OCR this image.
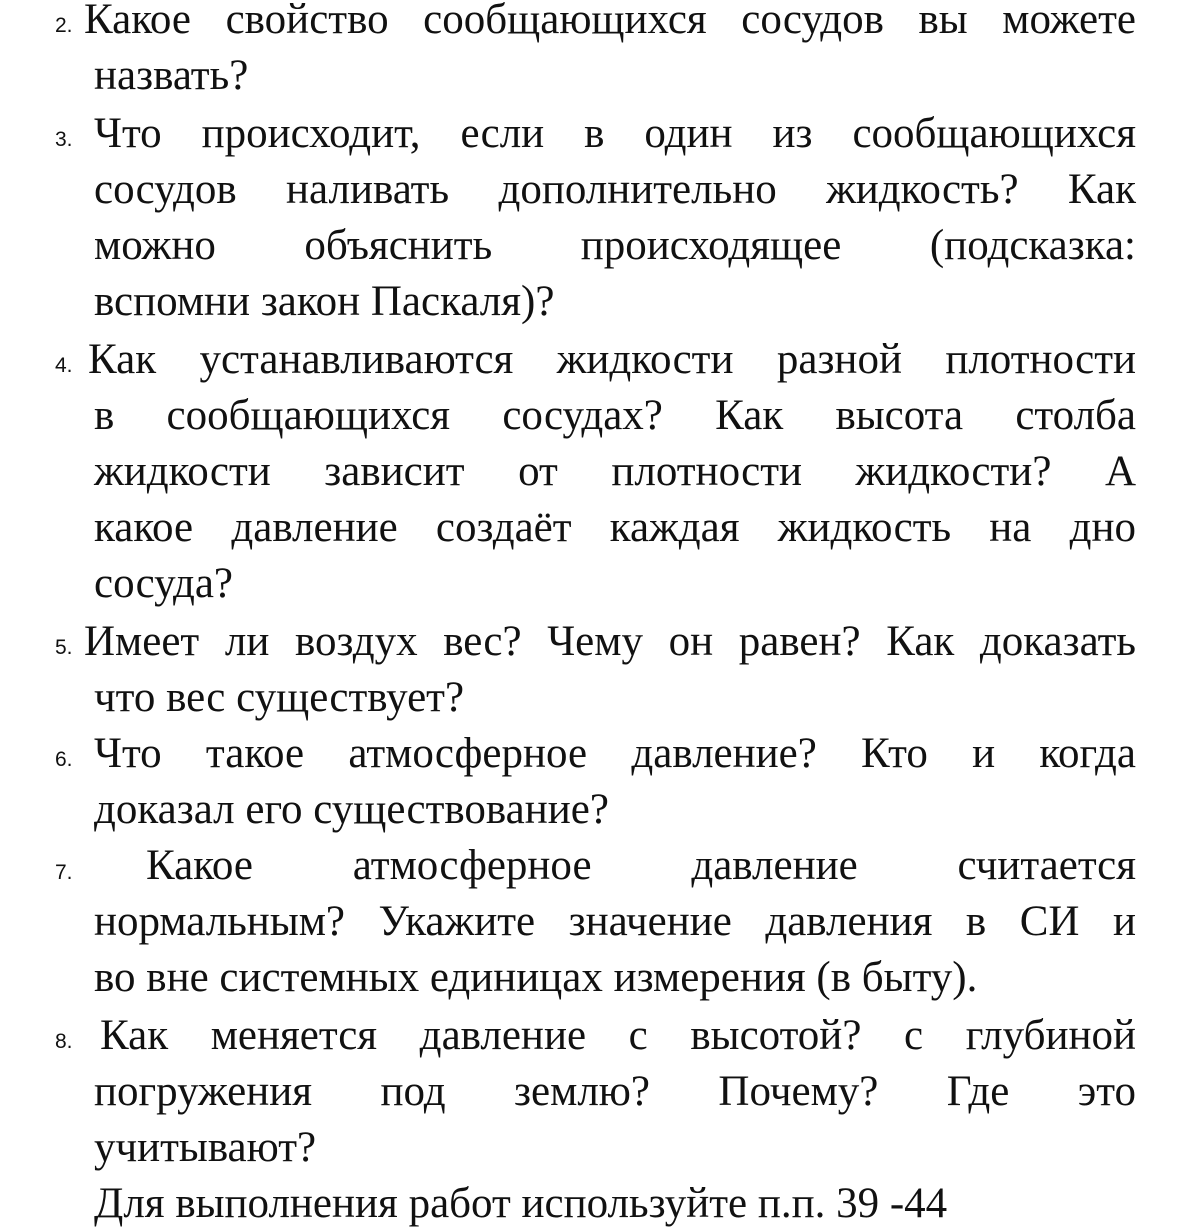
2. Какое свойство сообщающихся сосудов вы можете
назвать?
3. Что происходит, если в один из сообщающихся
сосудов наливать дополнительно жидкость? Как
можно объяснить происходящее (подсказка:
вспомни закон Паскаля)?
4. Как устанавливаются жидкости разной плотности
в сообщающихся сосудах? Как высота столба
жидкости зависит от плотности жидкости? А
какое давление создаёт каждая жидкость на дно
сосуда?
5. Имеет ли воздух вес? Чему он равен? Как доказать
что вес существует?
6. Что такое атмосферное давление? Кто и когда
доказал его существование?
7. Какое атмосферное давление считается
нормальным? Укажите значение давления в СИ и
во вне системных единицах измерения (в быту).
8. Как меняется давление с высотой? с глубиной
погружения под землю? Почему? Где это
учитывают?
Для выполнения работ используйте п.п. 39 -44
